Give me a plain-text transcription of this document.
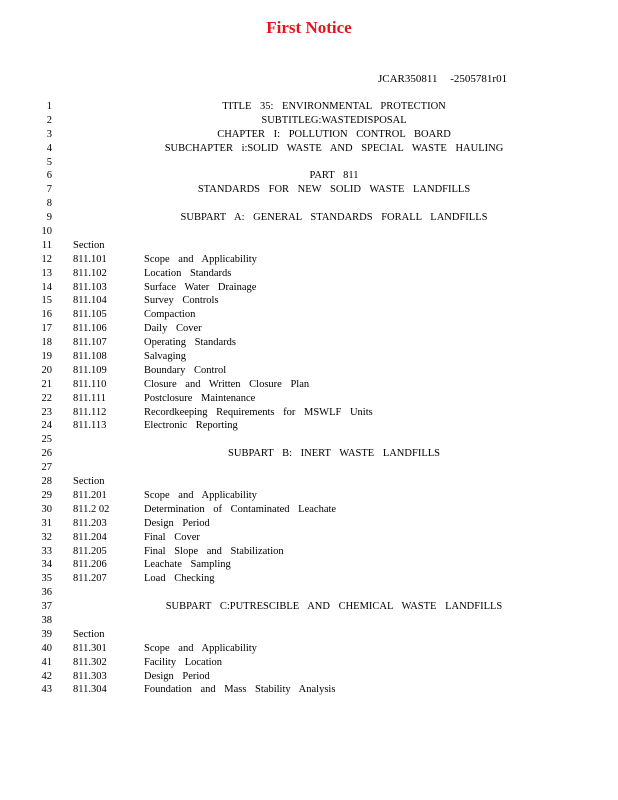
First Notice
JCAR350811 -2505781r01
1	TITLE 35: ENVIRONMENTAL PROTECTION
2	SUBTITLEG:WASTEDISPOSAL
3	CHAPTER I: POLLUTION CONTROL BOARD
4	SUBCHAPTER i:SOLID WASTE AND SPECIAL WASTE HAULING
5
6	PART 811
7	STANDARDS FOR NEW SOLID WASTE LANDFILLS
8
9	SUBPART A: GENERAL STANDARDS FORALL LANDFILLS
10
11 Section
12 811.101	Scope and Applicability
13 811.102	Location Standards
14 811.103	Surface Water Drainage
15 811.104	Survey Controls
16 811.105	Compaction
17 811.106	Daily Cover
18 811.107	Operating Standards
19 811.108	Salvaging
20 811.109	Boundary Control
21 811.110	Closure and Written Closure Plan
22 811.111	Postclosure Maintenance
23 811.112	Recordkeeping Requirements for MSWLF Units
24 811.113	Electronic Reporting
25
26	SUBPART B: INERT WASTE LANDFILLS
27
28 Section
29 811.201	Scope and Applicability
30 811.2 02	Determination of Contaminated Leachate
31 811.203	Design Period
32 811.204	Final Cover
33 811.205	Final Slope and Stabilization
34 811.206	Leachate Sampling
35 811.207	Load Checking
36
37	SUBPART C:PUTRESCIBLE AND CHEMICAL WASTE LANDFILLS
38
39 Section
40 811.301	Scope and Applicability
41 811.302	Facility Location
42 811.303	Design Period
43 811.304	Foundation and Mass Stability Analysis
